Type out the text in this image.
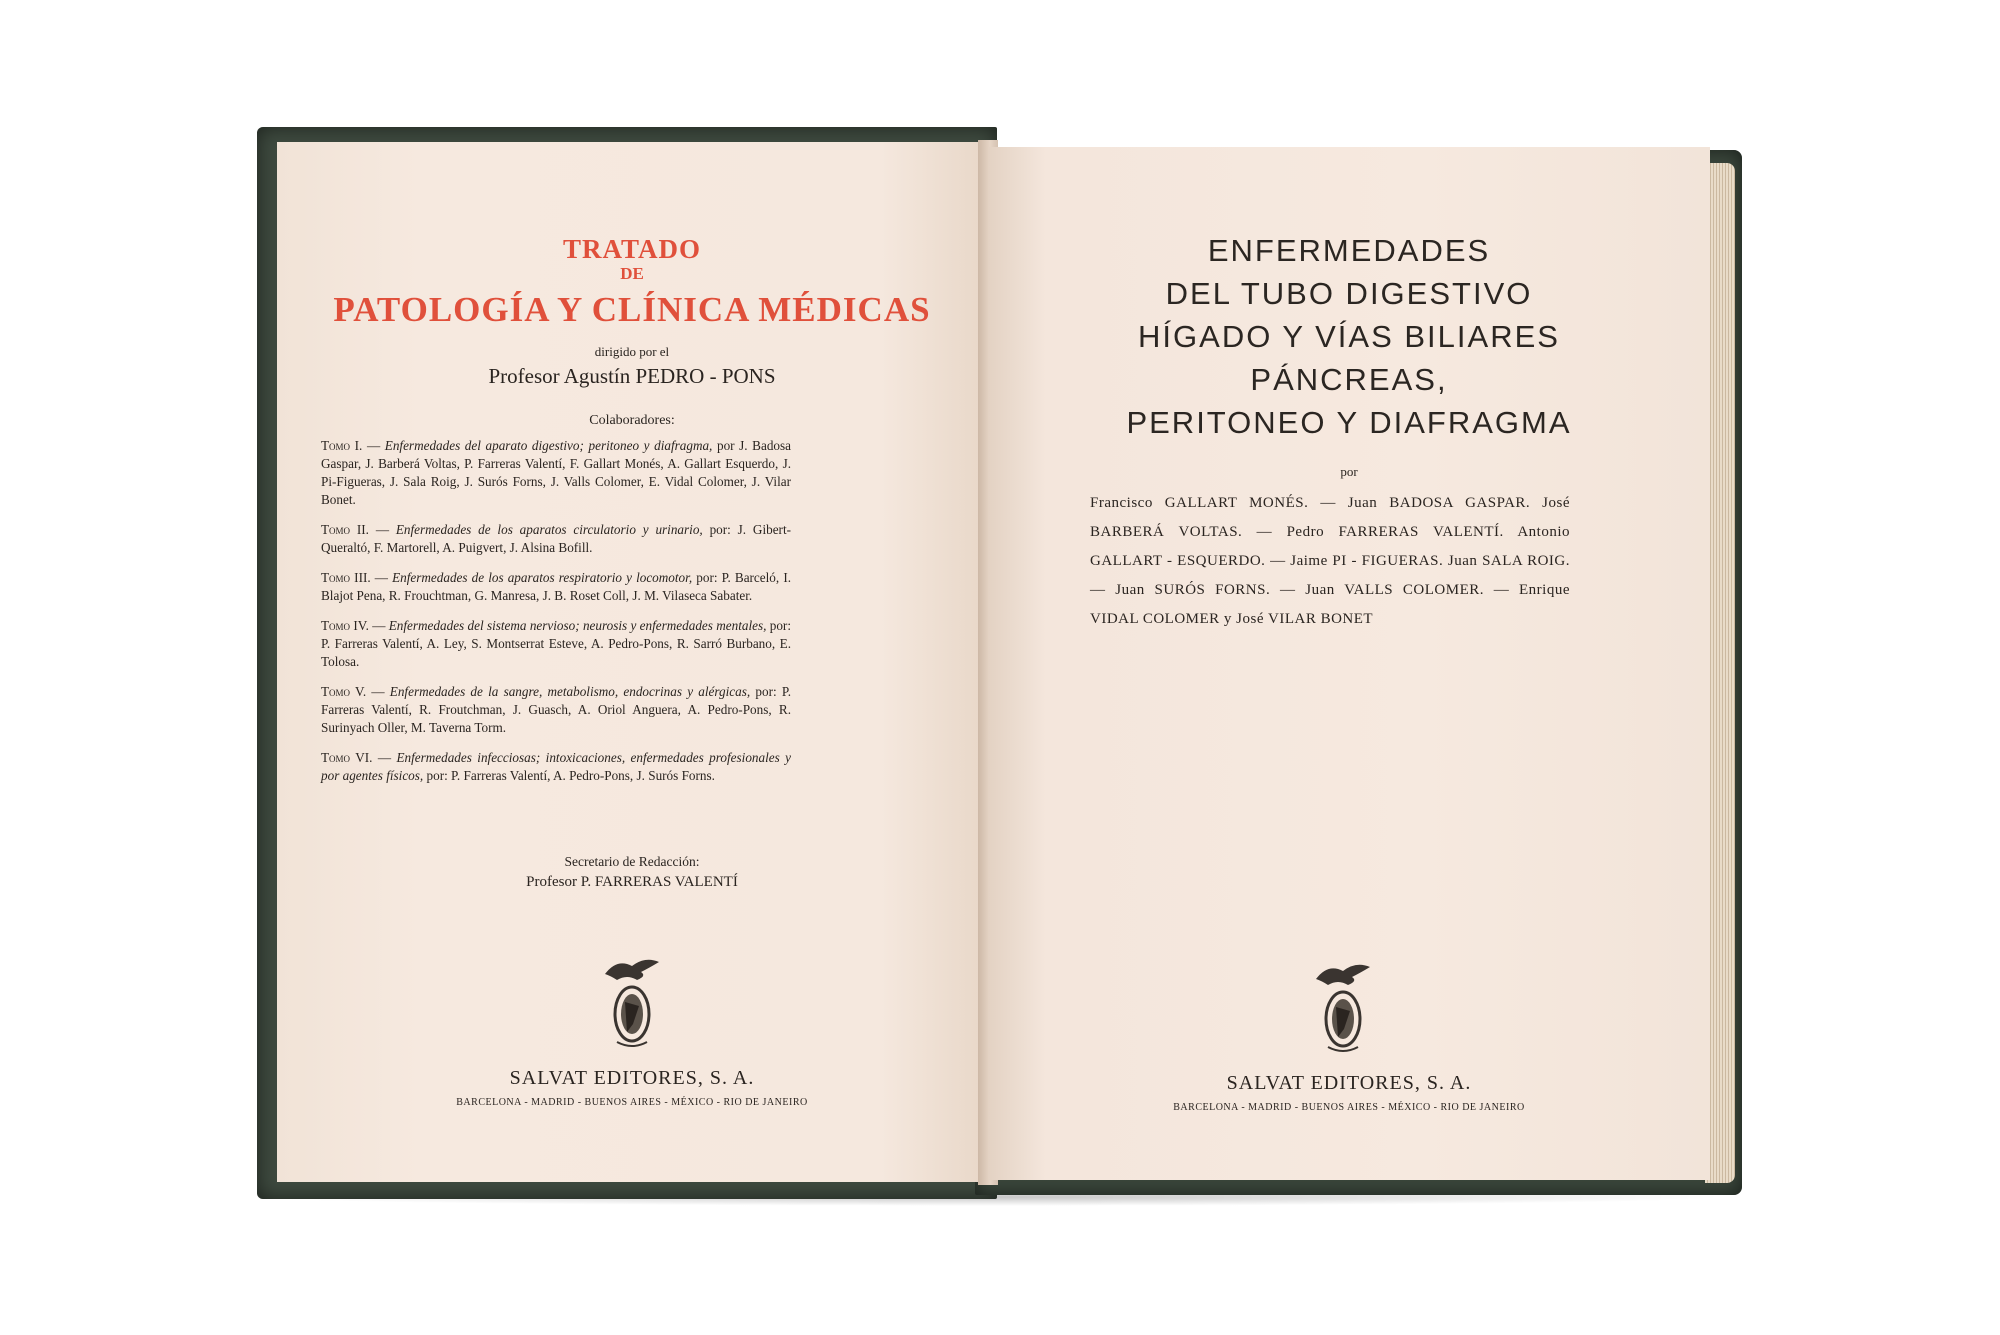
TRATADO
DE
PATOLOGÍA Y CLÍNICA MÉDICAS
dirigido por el
Profesor Agustín PEDRO - PONS
Colaboradores:
Tomo I. — Enfermedades del aparato digestivo; peritoneo y diafragma, por J. Badosa Gaspar, J. Barberá Voltas, P. Farreras Valentí, F. Gallart Monés, A. Gallart Esquerdo, J. Pi-Figueras, J. Sala Roig, J. Surós Forns, J. Valls Colomer, E. Vidal Colomer, J. Vilar Bonet.
Tomo II. — Enfermedades de los aparatos circulatorio y urinario, por: J. Gibert-Queraltó, F. Martorell, A. Puigvert, J. Alsina Bofill.
Tomo III. — Enfermedades de los aparatos respiratorio y locomotor, por: P. Barceló, I. Blajot Pena, R. Frouchtman, G. Manresa, J. B. Roset Coll, J. M. Vilaseca Sabater.
Tomo IV. — Enfermedades del sistema nervioso; neurosis y enfermedades mentales, por: P. Farreras Valentí, A. Ley, S. Montserrat Esteve, A. Pedro-Pons, R. Sarró Burbano, E. Tolosa.
Tomo V. — Enfermedades de la sangre, metabolismo, endocrinas y alérgicas, por: P. Farreras Valentí, R. Froutchman, J. Guasch, A. Oriol Anguera, A. Pedro-Pons, R. Surinyach Oller, M. Taverna Torm.
Tomo VI. — Enfermedades infecciosas; intoxicaciones, enfermedades profesionales y por agentes físicos, por: P. Farreras Valentí, A. Pedro-Pons, J. Surós Forns.
Secretario de Redacción:
Profesor P. FARRERAS VALENTÍ
SALVAT EDITORES, S. A.
BARCELONA - MADRID - BUENOS AIRES - MÉXICO - RIO DE JANEIRO
ENFERMEDADES
DEL TUBO DIGESTIVO
HÍGADO Y VÍAS BILIARES
PÁNCREAS,
PERITONEO Y DIAFRAGMA
por
Francisco GALLART MONÉS. — Juan BADOSA GASPAR. José BARBERÁ VOLTAS. — Pedro FARRERAS VALENTÍ. Antonio GALLART - ESQUERDO. — Jaime PI - FIGUERAS. Juan SALA ROIG. — Juan SURÓS FORNS. — Juan VALLS COLOMER. — Enrique VIDAL COLOMER y José VILAR BONET
SALVAT EDITORES, S. A.
BARCELONA - MADRID - BUENOS AIRES - MÉXICO - RIO DE JANEIRO
